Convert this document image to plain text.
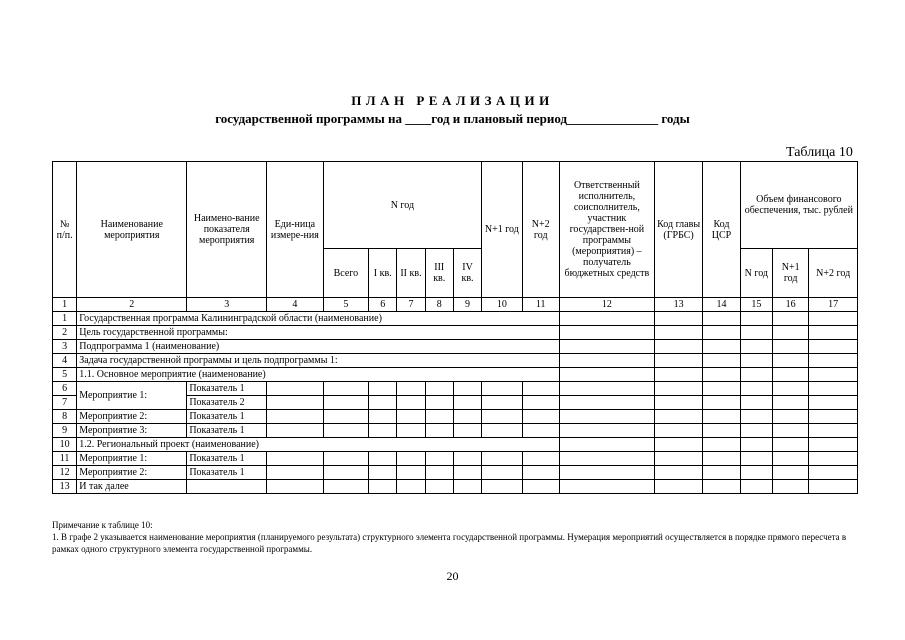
ПЛАН РЕАЛИЗАЦИИ
государственной программы на ____год и плановый период______________ годы
Таблица 10
№ п/п.	Наименование мероприятия	Наимено-вание показателя мероприятия	Еди-ница измере-ния	N год					N+1 год	N+2 год	Ответственный исполнитель, соисполнитель, участник государствен-ной программы (мероприятия) – получатель бюджетных средств	Код главы (ГРБС)	Код ЦСР	Объем финансового обеспечения, тыс. рублей		
				Всего	I кв.	II кв.	III кв.	IV кв.						N год	N+1 год	N+2 год
1	2	3	4	5	6	7	8	9	10	11	12	13	14	15	16	17
1	Государственная программа Калининградской области (наименование)															
2	Цель государственной программы:															
3	Подпрограмма 1 (наименование)															
4	Задача государственной программы и цель подпрограммы 1:															
5	1.1. Основное мероприятие (наименование)															
6	Мероприятие 1:	Показатель 1														
7		Показатель 2														
8	Мероприятие 2:	Показатель 1														
9	Мероприятие 3:	Показатель 1														
10	1.2. Региональный проект (наименование)															
11	Мероприятие 1:	Показатель 1														
12	Мероприятие 2:	Показатель 1														
13	И так далее															
Примечание к таблице 10:
1. В графе 2 указывается наименование мероприятия (планируемого результата) структурного элемента государственной программы. Нумерация мероприятий осуществляется в порядке прямого пересчета в рамках одного структурного элемента государственной программы.
20
